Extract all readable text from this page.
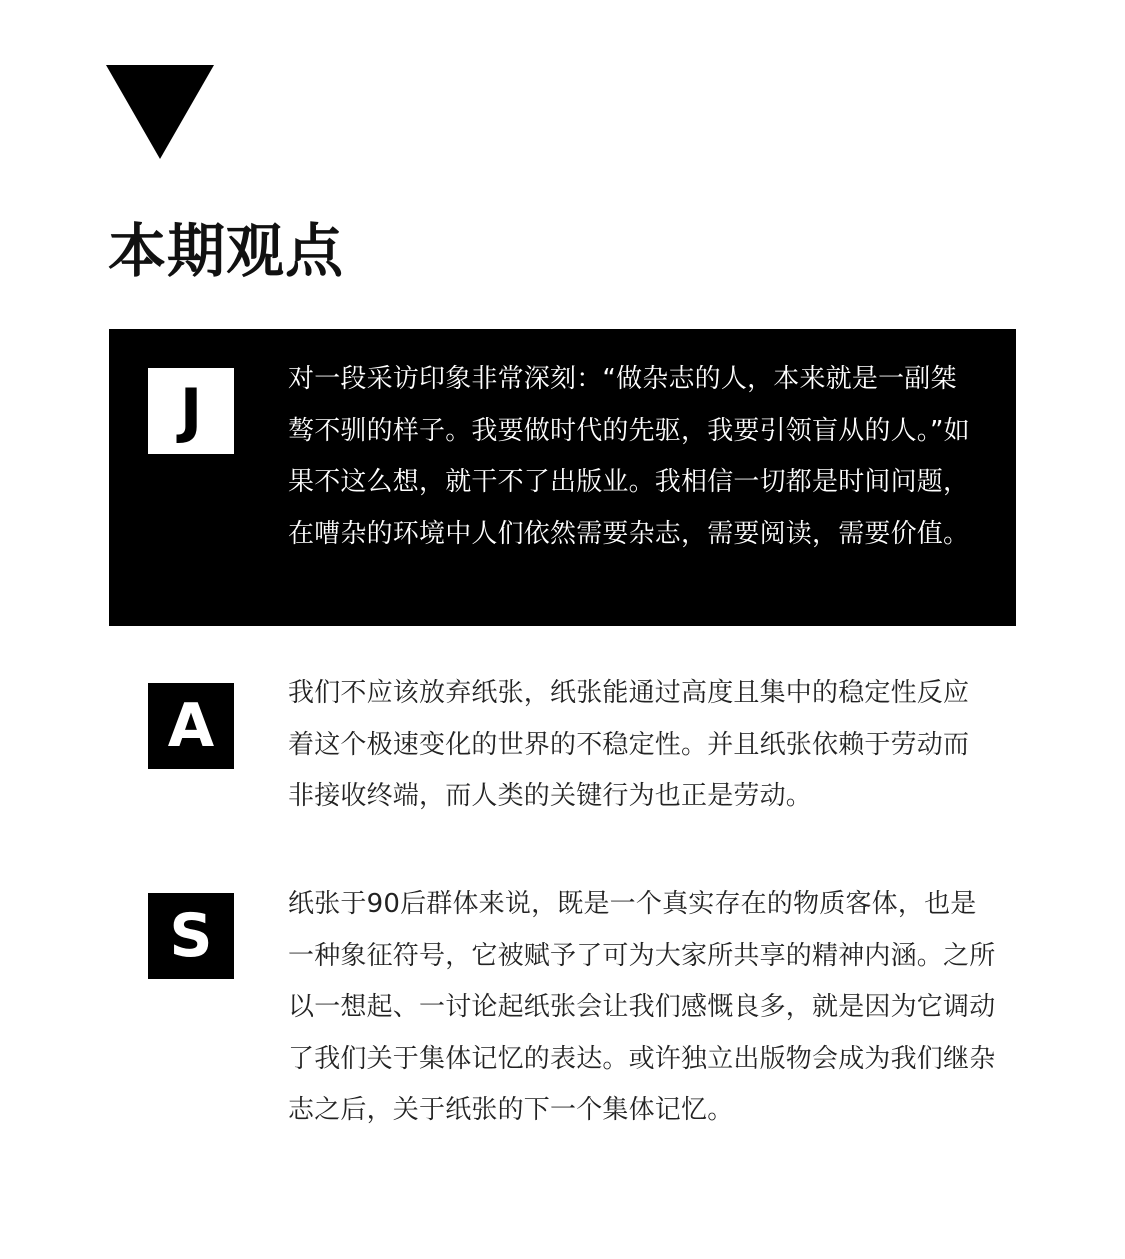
本期观点
J	对一段采访印象非常深刻：“做杂志的人，本来就是一副桀骜不驯的样子。我要做时代的先驱，我要引领盲从的人。”如果不这么想，就干不了出版业。我相信一切都是时间问题，在嘈杂的环境中人们依然需要杂志，需要阅读，需要价值。

A	我们不应该放弃纸张，纸张能通过高度且集中的稳定性反应着这个极速变化的世界的不稳定性。并且纸张依赖于劳动而非接收终端，而人类的关键行为也正是劳动。

S	纸张于90后群体来说，既是一个真实存在的物质客体，也是一种象征符号，它被赋予了可为大家所共享的精神内涵。之所以一想起、一讨论起纸张会让我们感慨良多，就是因为它调动了我们关于集体记忆的表达。或许独立出版物会成为我们继杂志之后，关于纸张的下一个集体记忆。
